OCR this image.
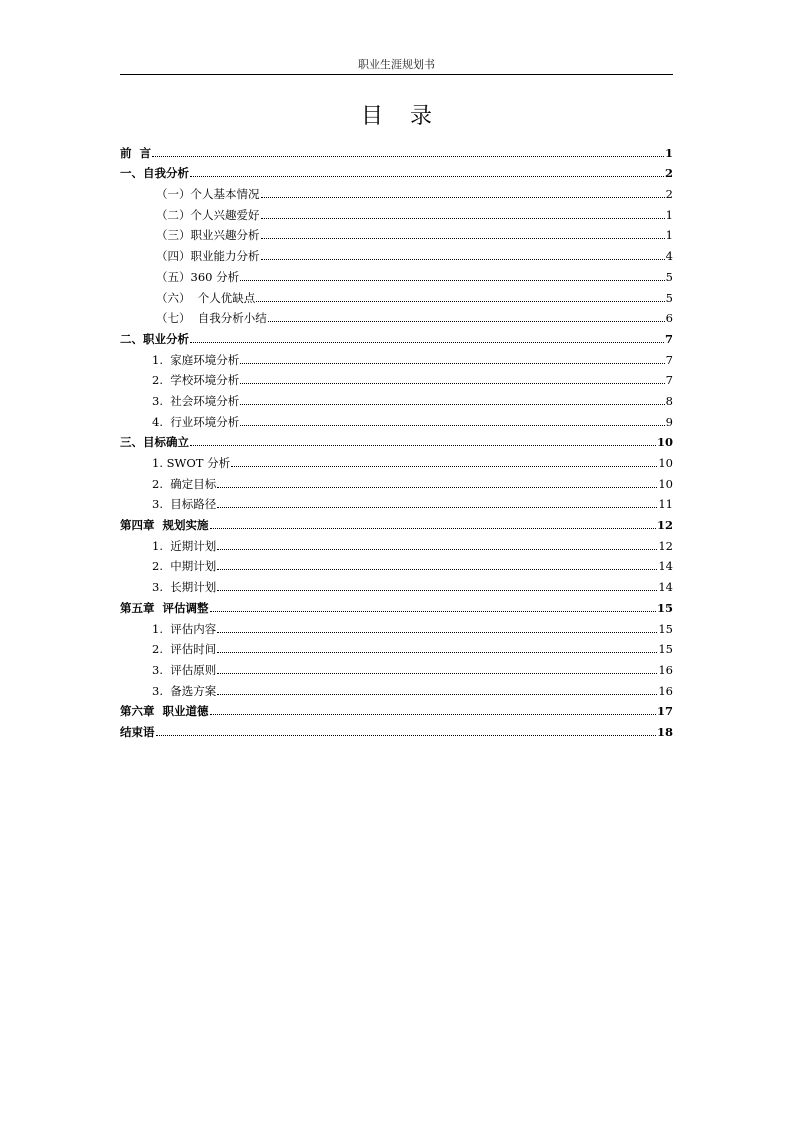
职业生涯规划书
目 录
前  言	1
一、自我分析	2
（一）个人基本情况	2
（二）个人兴趣爱好	1
（三）职业兴趣分析	1
（四）职业能力分析	4
（五）360 分析	5
（六）  个人优缺点	5
（七）  自我分析小结	6
二、职业分析	7
1.  家庭环境分析	7
2.  学校环境分析	7
3.  社会环境分析	8
4.  行业环境分析	9
三、目标确立	10
1. SWOT 分析	10
2.  确定目标	10
3.  目标路径	11
第四章  规划实施	12
1.  近期计划	12
2.  中期计划	14
3.  长期计划	14
第五章  评估调整	15
1.  评估内容	15
2.  评估时间	15
3.  评估原则	16
3.  备选方案	16
第六章  职业道德	17
结束语	18
